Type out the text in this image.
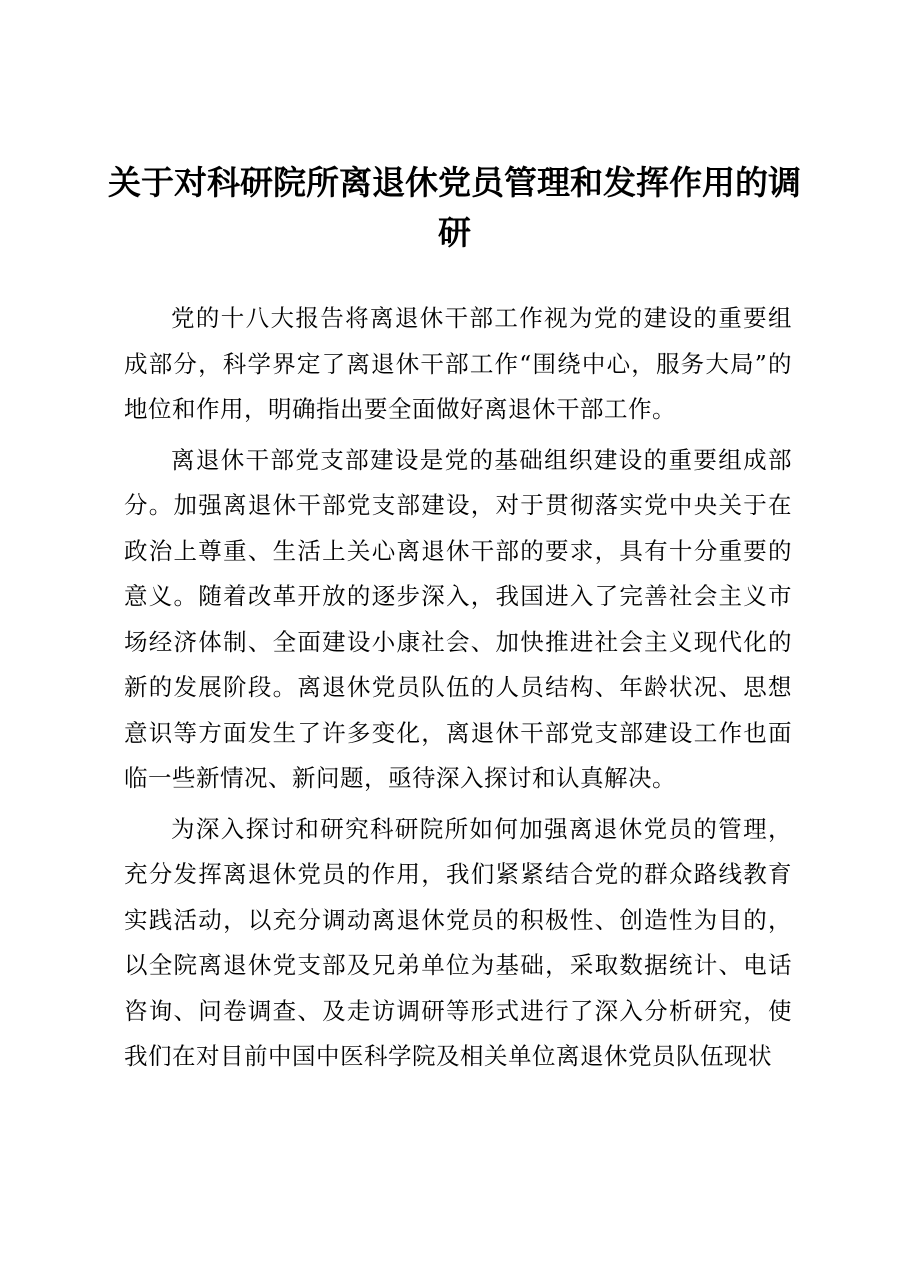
关于对科研院所离退休党员管理和发挥作用的调研

党的十八大报告将离退休干部工作视为党的建设的重要组成部分，科学界定了离退休干部工作“围绕中心，服务大局”的地位和作用，明确指出要全面做好离退休干部工作。

离退休干部党支部建设是党的基础组织建设的重要组成部分。加强离退休干部党支部建设，对于贯彻落实党中央关于在政治上尊重、生活上关心离退休干部的要求，具有十分重要的意义。随着改革开放的逐步深入，我国进入了完善社会主义市场经济体制、全面建设小康社会、加快推进社会主义现代化的新的发展阶段。离退休党员队伍的人员结构、年龄状况、思想意识等方面发生了许多变化，离退休干部党支部建设工作也面临一些新情况、新问题，亟待深入探讨和认真解决。

为深入探讨和研究科研院所如何加强离退休党员的管理，充分发挥离退休党员的作用，我们紧紧结合党的群众路线教育实践活动，以充分调动离退休党员的积极性、创造性为目的，以全院离退休党支部及兄弟单位为基础，采取数据统计、电话咨询、问卷调查、及走访调研等形式进行了深入分析研究，使我们在对目前中国中医科学院及相关单位离退休党员队伍现状
